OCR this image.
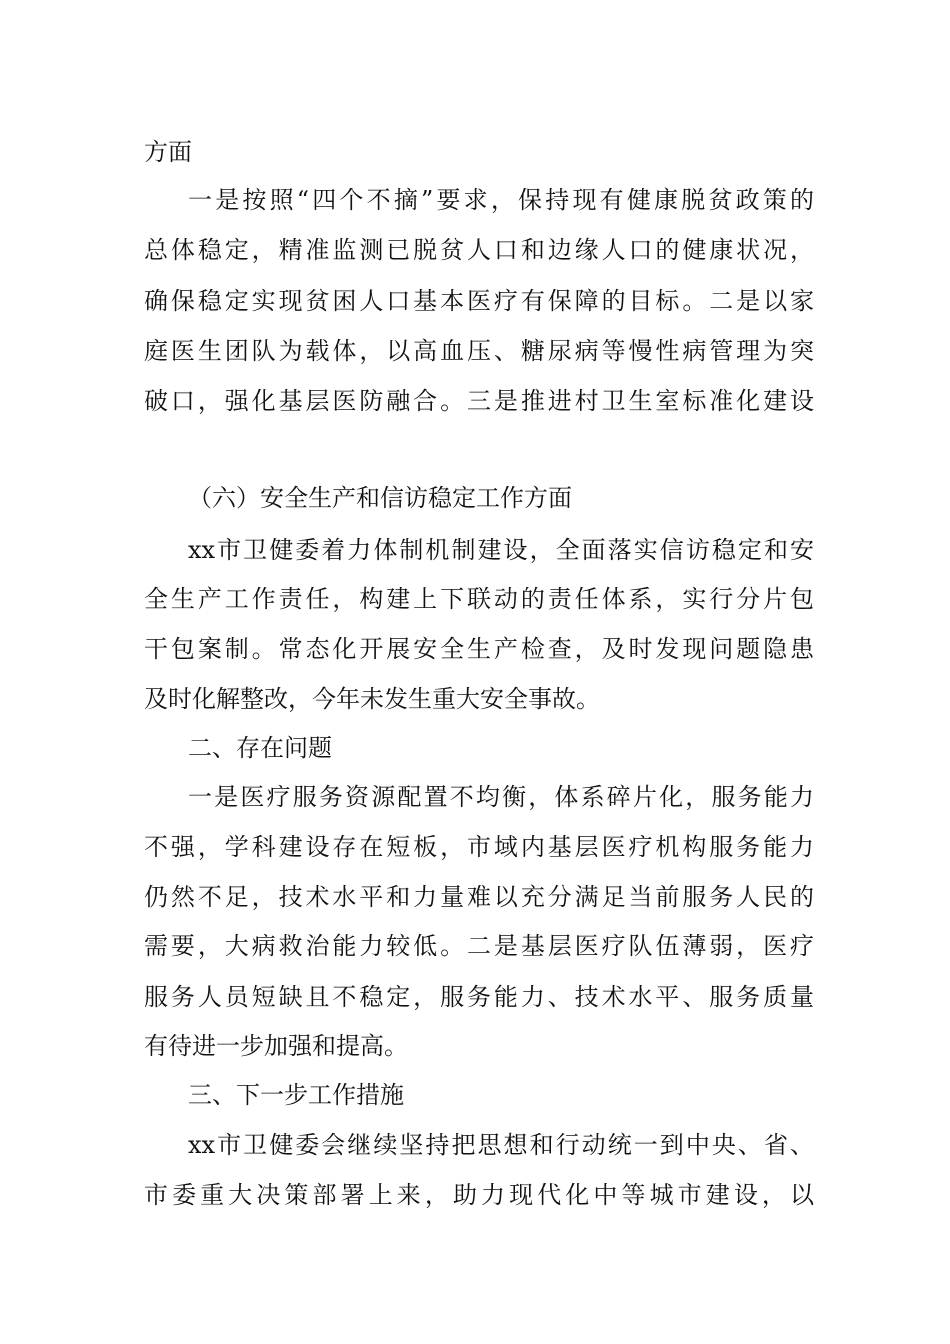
方面
一是按照“四个不摘”要求，保持现有健康脱贫政策的
总体稳定，精准监测已脱贫人口和边缘人口的健康状况，
确保稳定实现贫困人口基本医疗有保障的目标。二是以家
庭医生团队为载体，以高血压、糖尿病等慢性病管理为突
破口，强化基层医防融合。三是推进村卫生室标准化建设
（六）安全生产和信访稳定工作方面
xx市卫健委着力体制机制建设，全面落实信访稳定和安
全生产工作责任，构建上下联动的责任体系，实行分片包
干包案制。常态化开展安全生产检查，及时发现问题隐患
及时化解整改，今年未发生重大安全事故。
二、存在问题
一是医疗服务资源配置不均衡，体系碎片化，服务能力
不强，学科建设存在短板，市域内基层医疗机构服务能力
仍然不足，技术水平和力量难以充分满足当前服务人民的
需要，大病救治能力较低。二是基层医疗队伍薄弱，医疗
服务人员短缺且不稳定，服务能力、技术水平、服务质量
有待进一步加强和提高。
三、下一步工作措施
xx市卫健委会继续坚持把思想和行动统一到中央、省、
市委重大决策部署上来，助力现代化中等城市建设，以
